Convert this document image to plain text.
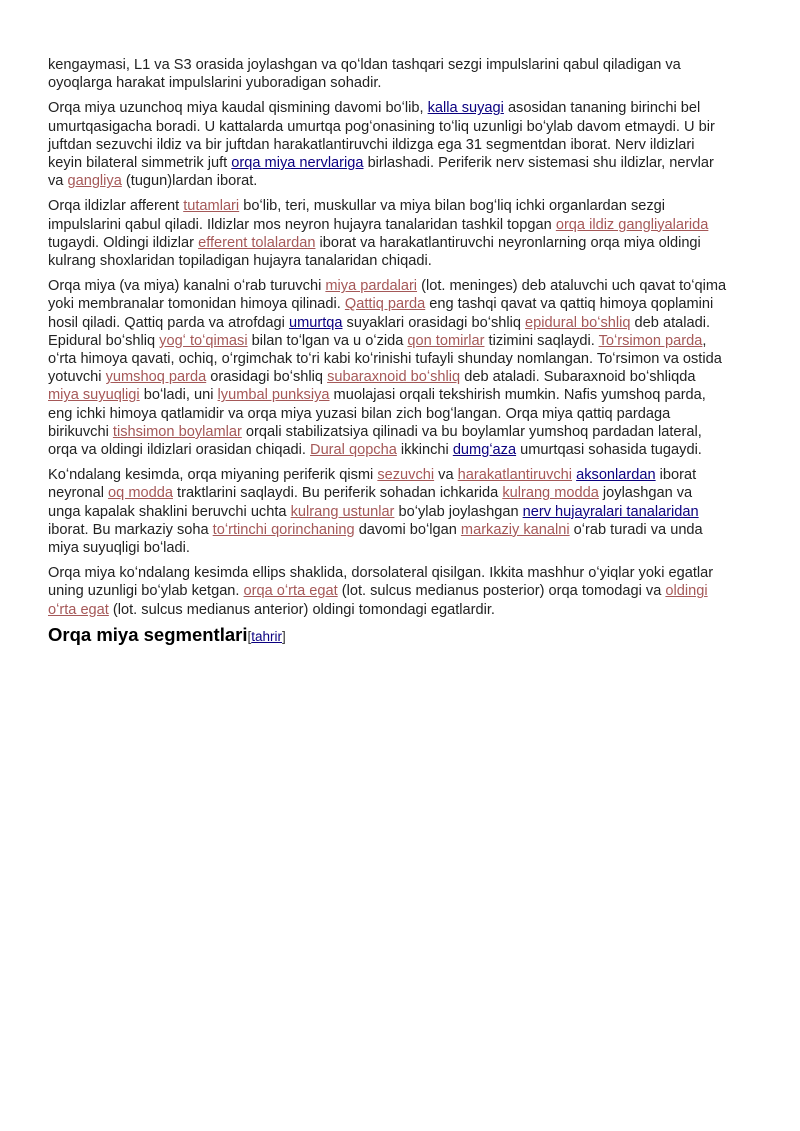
kengaymasi, L1 va S3 orasida joylashgan va qoʻldan tashqari sezgi impulslarini qabul qiladigan va oyoqlarga harakat impulslarini yuboradigan sohadir.

Orqa miya uzunchoq miya kaudal qismining davomi boʻlib, kalla suyagi asosidan tananing birinchi bel umurtqasigacha boradi. U kattalarda umurtqa pogʻonasining toʻliq uzunligi boʻylab davom etmaydi. U bir juftdan sezuvchi ildiz va bir juftdan harakatlantiruvchi ildizga ega 31 segmentdan iborat. Nerv ildizlari keyin bilateral simmetrik juft orqa miya nervlariga birlashadi. Periferik nerv sistemasi shu ildizlar, nervlar va gangliya (tugun)lardan iborat.

Orqa ildizlar afferent tutamlari boʻlib, teri, muskullar va miya bilan bogʻliq ichki organlardan sezgi impulslarini qabul qiladi. Ildizlar mos neyron hujayra tanalaridan tashkil topgan orqa ildiz gangliyalarida tugaydi. Oldingi ildizlar efferent tolalardan iborat va harakatlantiruvchi neyronlarning orqa miya oldingi kulrang shoxlaridan topiladigan hujayra tanalaridan chiqadi.

Orqa miya (va miya) kanalni oʻrab turuvchi miya pardalari (lot. meninges) deb ataluvchi uch qavat toʻqima yoki membranalar tomonidan himoya qilinadi. Qattiq parda eng tashqi qavat va qattiq himoya qoplamini hosil qiladi. Qattiq parda va atrofdagi umurtqa suyaklari orasidagi boʻshliq epidural boʻshliq deb ataladi. Epidural boʻshliq yogʻ toʻqimasi bilan toʻlgan va u oʻzida qon tomirlar tizimini saqlaydi. Toʻrsimon parda, oʻrta himoya qavati, ochiq, oʻrgimchak toʻri kabi koʻrinishi tufayli shunday nomlangan. Toʻrsimon va ostida yotuvchi yumshoq parda orasidagi boʻshliq subaraxnoid boʻshliq deb ataladi. Subaraxnoid boʻshliqda miya suyuqligi boʻladi, uni lyumbal punksiya muolajasi orqali tekshirish mumkin. Nafis yumshoq parda, eng ichki himoya qatlamidir va orqa miya yuzasi bilan zich bogʻlangan. Orqa miya qattiq pardaga birikuvchi tishsimon boylamlar orqali stabilizatsiya qilinadi va bu boylamlar yumshoq pardadan lateral, orqa va oldingi ildizlari orasidan chiqadi. Dural qopcha ikkinchi dumgʻaza umurtqasi sohasida tugaydi.

Koʻndalang kesimda, orqa miyaning periferik qismi sezuvchi va harakatlantiruvchi aksonlardan iborat neyronal oq modda traktlarini saqlaydi. Bu periferik sohadan ichkarida kulrang modda joylashgan va unga kapalak shaklini beruvchi uchta kulrang ustunlar boʻylab joylashgan nerv hujayralari tanalaridan iborat. Bu markaziy soha toʻrtinchi qorinchaning davomi boʻlgan markaziy kanalni oʻrab turadi va unda miya suyuqligi boʻladi.

Orqa miya koʻndalang kesimda ellips shaklida, dorsolateral qisilgan. Ikkita mashhur oʻyiqlar yoki egatlar uning uzunligi boʻylab ketgan. orqa oʻrta egat (lot. sulcus medianus posterior) orqa tomodagi va oldingi oʻrta egat (lot. sulcus medianus anterior) oldingi tomondagi egatlardir.

Orqa miya segmentlari[tahrir]
